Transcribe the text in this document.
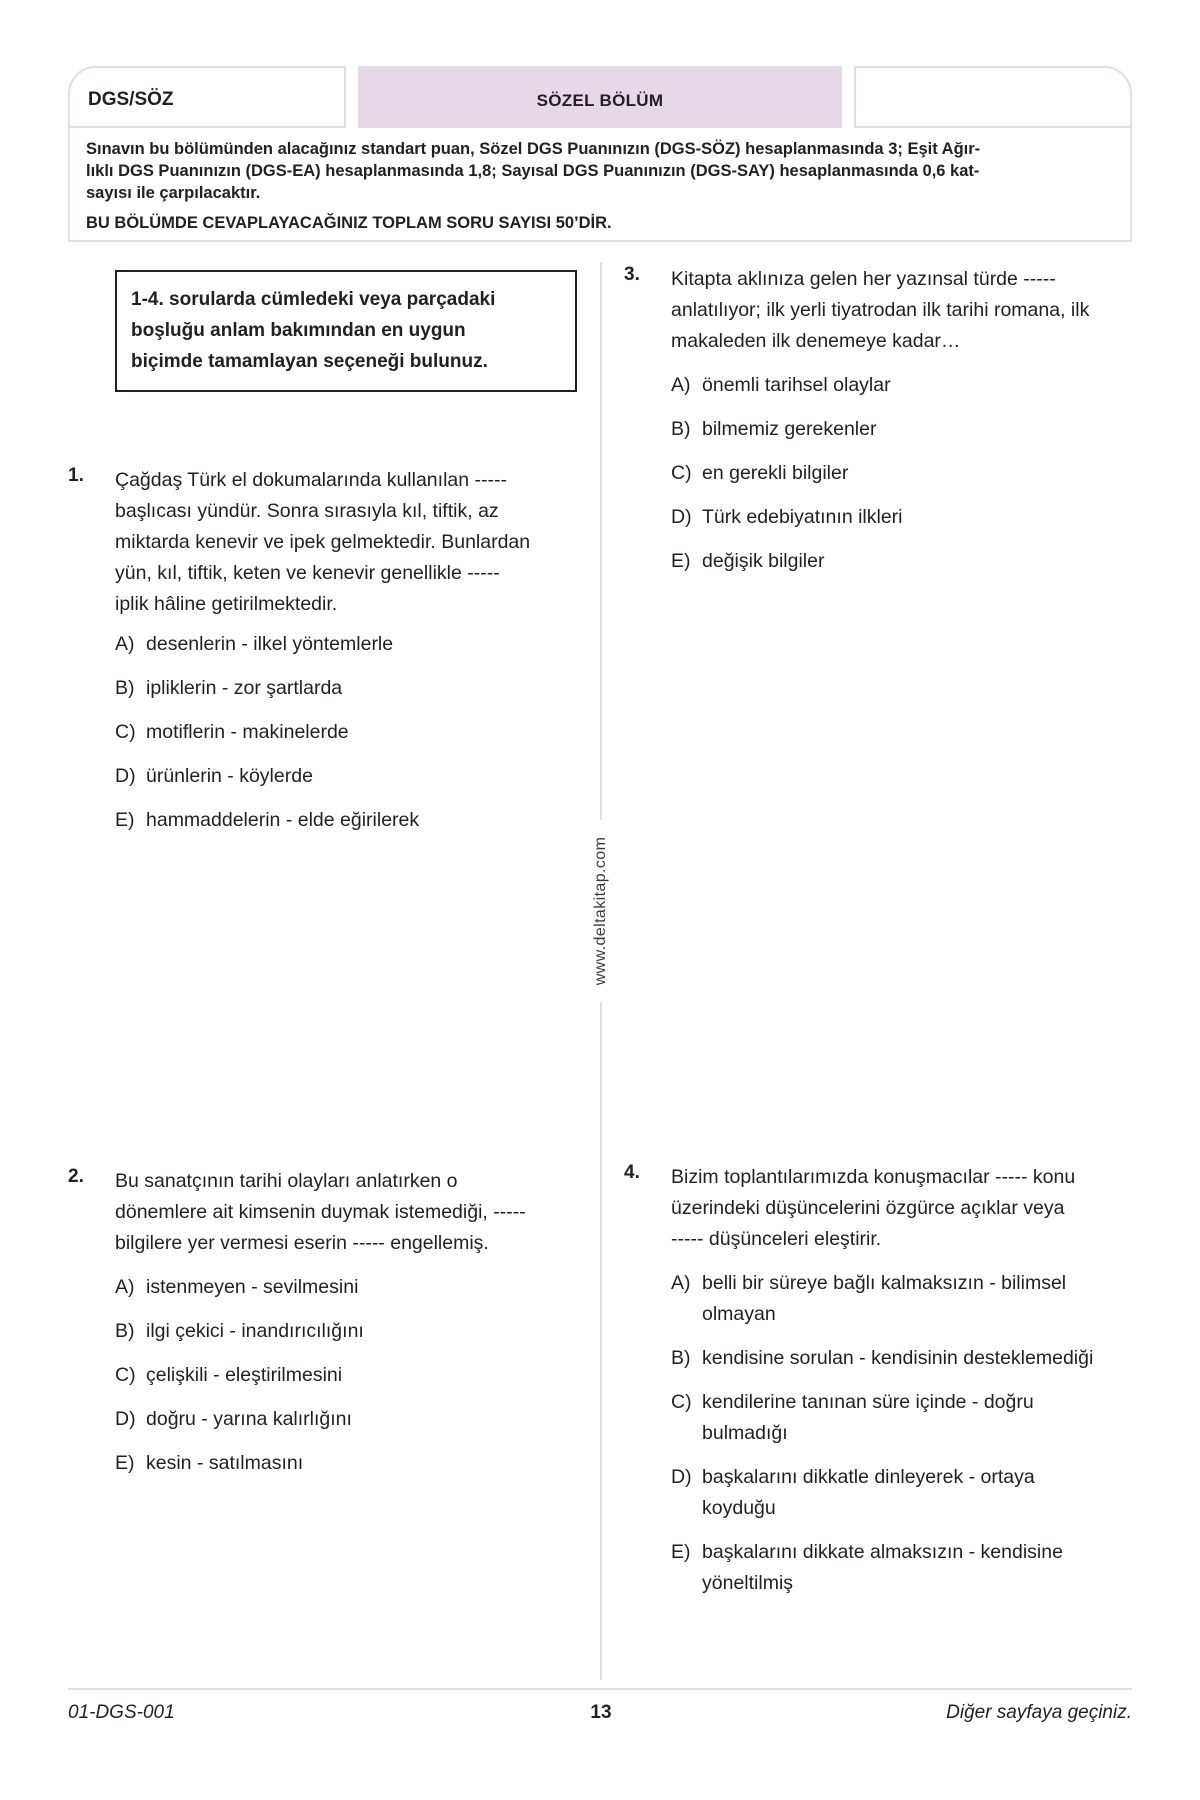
DGS/SÖZ	SÖZEL BÖLÜM
Sınavın bu bölümünden alacağınız standart puan, Sözel DGS Puanınızın (DGS-SÖZ) hesaplanmasında 3; Eşit Ağır-
lıklı DGS Puanınızın (DGS-EA) hesaplanmasında 1,8; Sayısal DGS Puanınızın (DGS-SAY) hesaplanmasında 0,6 kat-
sayısı ile çarpılacaktır.
BU BÖLÜMDE CEVAPLAYACAĞINIZ TOPLAM SORU SAYISI 50’DİR.
www.deltakitap.com
1-4. sorularda cümledeki veya parçadaki
boşluğu anlam bakımından en uygun
biçimde tamamlayan seçeneği bulunuz.
1. Çağdaş Türk el dokumalarında kullanılan -----
başlıcası yündür. Sonra sırasıyla kıl, tiftik, az
miktarda kenevir ve ipek gelmektedir. Bunlardan
yün, kıl, tiftik, keten ve kenevir genellikle -----
iplik hâline getirilmektedir.
A) desenlerin - ilkel yöntemlerle
B) ipliklerin - zor şartlarda
C) motiflerin - makinelerde
D) ürünlerin - köylerde
E) hammaddelerin - elde eğirilerek
2. Bu sanatçının tarihi olayları anlatırken o
dönemlere ait kimsenin duymak istemediği, -----
bilgilere yer vermesi eserin ----- engellemiş.
A) istenmeyen - sevilmesini
B) ilgi çekici - inandırıcılığını
C) çelişkili - eleştirilmesini
D) doğru - yarına kalırlığını
E) kesin - satılmasını
3. Kitapta aklınıza gelen her yazınsal türde -----
anlatılıyor; ilk yerli tiyatrodan ilk tarihi romana, ilk
makaleden ilk denemeye kadar…
A) önemli tarihsel olaylar
B) bilmemiz gerekenler
C) en gerekli bilgiler
D) Türk edebiyatının ilkleri
E) değişik bilgiler
4. Bizim toplantılarımızda konuşmacılar ----- konu
üzerindeki düşüncelerini özgürce açıklar veya
----- düşünceleri eleştirir.
A) belli bir süreye bağlı kalmaksızın - bilimsel
olmayan
B) kendisine sorulan - kendisinin desteklemediği
C) kendilerine tanınan süre içinde - doğru
bulmadığı
D) başkalarını dikkatle dinleyerek - ortaya
koyduğu
E) başkalarını dikkate almaksızın - kendisine
yöneltilmiş
01-DGS-001	13	Diğer sayfaya geçiniz.
